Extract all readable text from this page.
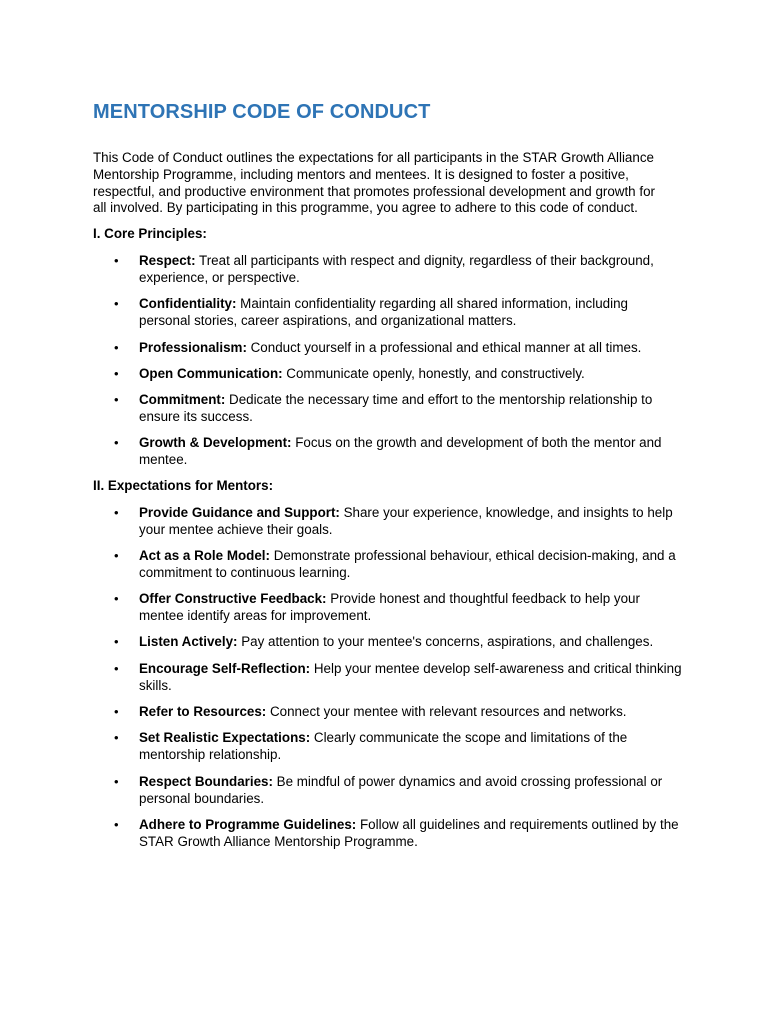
MENTORSHIP CODE OF CONDUCT

This Code of Conduct outlines the expectations for all participants in the STAR Growth Alliance Mentorship Programme, including mentors and mentees. It is designed to foster a positive, respectful, and productive environment that promotes professional development and growth for all involved. By participating in this programme, you agree to adhere to this code of conduct.

I. Core Principles:
• Respect: Treat all participants with respect and dignity, regardless of their background, experience, or perspective.
• Confidentiality: Maintain confidentiality regarding all shared information, including personal stories, career aspirations, and organizational matters.
• Professionalism: Conduct yourself in a professional and ethical manner at all times.
• Open Communication: Communicate openly, honestly, and constructively.
• Commitment: Dedicate the necessary time and effort to the mentorship relationship to ensure its success.
• Growth & Development: Focus on the growth and development of both the mentor and mentee.
II. Expectations for Mentors:
• Provide Guidance and Support: Share your experience, knowledge, and insights to help your mentee achieve their goals.
• Act as a Role Model: Demonstrate professional behaviour, ethical decision-making, and a commitment to continuous learning.
• Offer Constructive Feedback: Provide honest and thoughtful feedback to help your mentee identify areas for improvement.
• Listen Actively: Pay attention to your mentee's concerns, aspirations, and challenges.
• Encourage Self-Reflection: Help your mentee develop self-awareness and critical thinking skills.
• Refer to Resources: Connect your mentee with relevant resources and networks.
• Set Realistic Expectations: Clearly communicate the scope and limitations of the mentorship relationship.
• Respect Boundaries: Be mindful of power dynamics and avoid crossing professional or personal boundaries.
• Adhere to Programme Guidelines: Follow all guidelines and requirements outlined by the STAR Growth Alliance Mentorship Programme.
